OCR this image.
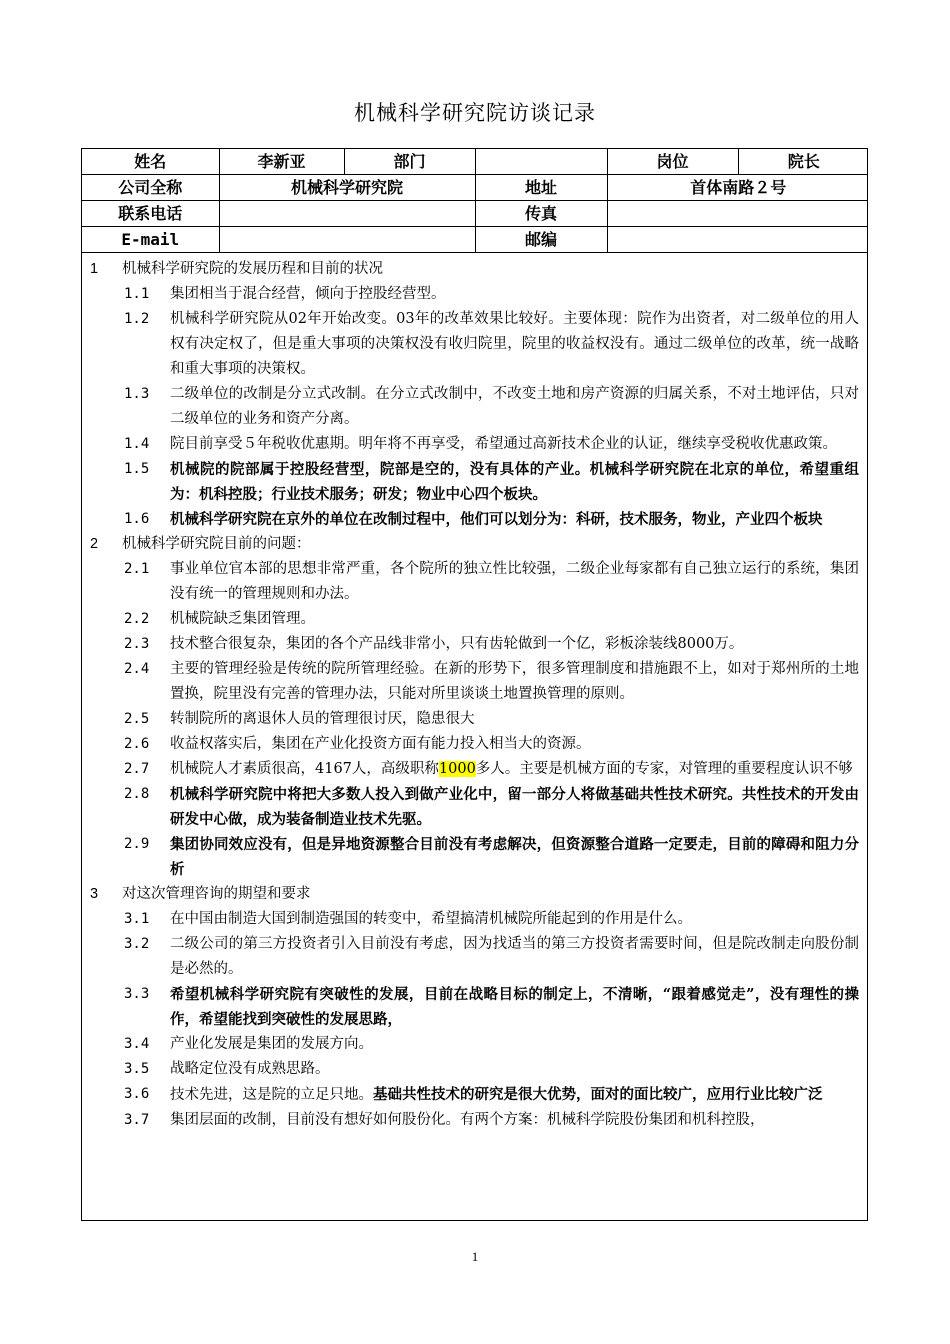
机械科学研究院访谈记录
姓名	李新亚	部门		岗位	院长
公司全称	机械科学研究院		地址	首体南路２号	
联系电话			传真		
E-mail			邮编		
1	机械科学研究院的发展历程和目前的状况
1.1	集团相当于混合经营，倾向于控股经营型。
1.2	机械科学研究院从02年开始改变。03年的改革效果比较好。主要体现：院作为出资者，对二级单位的用人权有决定权了，但是重大事项的决策权没有收归院里，院里的收益权没有。通过二级单位的改革，统一战略和重大事项的决策权。
1.3	二级单位的改制是分立式改制。在分立式改制中，不改变土地和房产资源的归属关系，不对土地评估，只对二级单位的业务和资产分离。
1.4	院目前享受５年税收优惠期。明年将不再享受，希望通过高新技术企业的认证，继续享受税收优惠政策。
1.5	机械院的院部属于控股经营型，院部是空的，没有具体的产业。机械科学研究院在北京的单位，希望重组为：机科控股；行业技术服务；研发；物业中心四个板块。
1.6	机械科学研究院在京外的单位在改制过程中，他们可以划分为：科研，技术服务，物业，产业四个板块
2	机械科学研究院目前的问题：
2.1	事业单位官本部的思想非常严重，各个院所的独立性比较强，二级企业每家都有自己独立运行的系统，集团没有统一的管理规则和办法。
2.2	机械院缺乏集团管理。
2.3	技术整合很复杂，集团的各个产品线非常小，只有齿轮做到一个亿，彩板涂装线8000万。
2.4	主要的管理经验是传统的院所管理经验。在新的形势下，很多管理制度和措施跟不上，如对于郑州所的土地置换，院里没有完善的管理办法，只能对所里谈谈土地置换管理的原则。
2.5	转制院所的离退休人员的管理很讨厌，隐患很大
2.6	收益权落实后，集团在产业化投资方面有能力投入相当大的资源。
2.7	机械院人才素质很高，4167人，高级职称1000多人。主要是机械方面的专家，对管理的重要程度认识不够
2.8	机械科学研究院中将把大多数人投入到做产业化中，留一部分人将做基础共性技术研究。共性技术的开发由研发中心做，成为装备制造业技术先驱。
2.9	集团协同效应没有，但是异地资源整合目前没有考虑解决，但资源整合道路一定要走，目前的障碍和阻力分析
3	对这次管理咨询的期望和要求
3.1	在中国由制造大国到制造强国的转变中，希望搞清机械院所能起到的作用是什么。
3.2	二级公司的第三方投资者引入目前没有考虑，因为找适当的第三方投资者需要时间，但是院改制走向股份制是必然的。
3.3	希望机械科学研究院有突破性的发展，目前在战略目标的制定上，不清晰，“跟着感觉走”，没有理性的操作，希望能找到突破性的发展思路，
3.4	产业化发展是集团的发展方向。
3.5	战略定位没有成熟思路。
3.6	技术先进，这是院的立足只地。基础共性技术的研究是很大优势，面对的面比较广，应用行业比较广泛
3.7	集团层面的改制，目前没有想好如何股份化。有两个方案：机械科学院股份集团和机科控股，
1
